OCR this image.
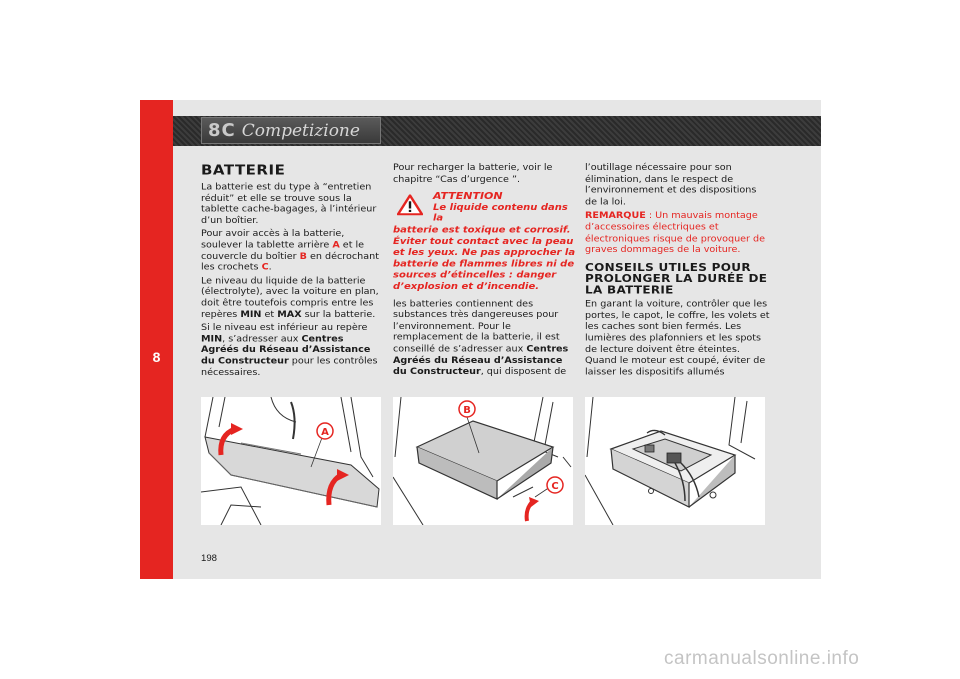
8
8C Competizione
BATTERIE

La batterie est du type à “entretien réduit” et elle se trouve sous la tablette cache-bagages, à l’intérieur d’un boîtier.

Pour avoir accès à la batterie, soulever la tablette arrière A et le couvercle du boîtier B en décrochant les crochets C.

Le niveau du liquide de la batterie (électrolyte), avec la voiture en plan, doit être toutefois compris entre les repères MIN et MAX sur la batterie.

Si le niveau est inférieur au repère MIN, s’adresser aux Centres Agréés du Réseau d’Assistance du Constructeur pour les contrôles nécessaires.

Pour recharger la batterie, voir le chapitre “Cas d’urgence ”.

ATTENTION
Le liquide contenu dans la
batterie est toxique et corrosif. Éviter tout contact avec la peau et les yeux. Ne pas approcher la batterie de flammes libres ni de sources d’étincelles : danger d’explosion et d’incendie.

les batteries contiennent des substances très dangereuses pour l’environnement. Pour le remplacement de la batterie, il est conseillé de s’adresser aux Centres Agréés du Réseau d’Assistance du Constructeur, qui disposent de

l’outillage nécessaire pour son élimination, dans le respect de l’environnement et des dispositions de la loi.

REMARQUE : Un mauvais montage d’accessoires électriques et électroniques risque de provoquer de graves dommages de la voiture.

CONSEILS UTILES POUR PROLONGER LA DURÉE DE LA BATTERIE

En garant la voiture, contrôler que les portes, le capot, le coffre, les volets et les caches sont bien fermés. Les lumières des plafonniers et les spots de lecture doivent être éteintes. Quand le moteur est coupé, éviter de laisser les dispositifs allumés

A
B
C
198
carmanualsonline.info
